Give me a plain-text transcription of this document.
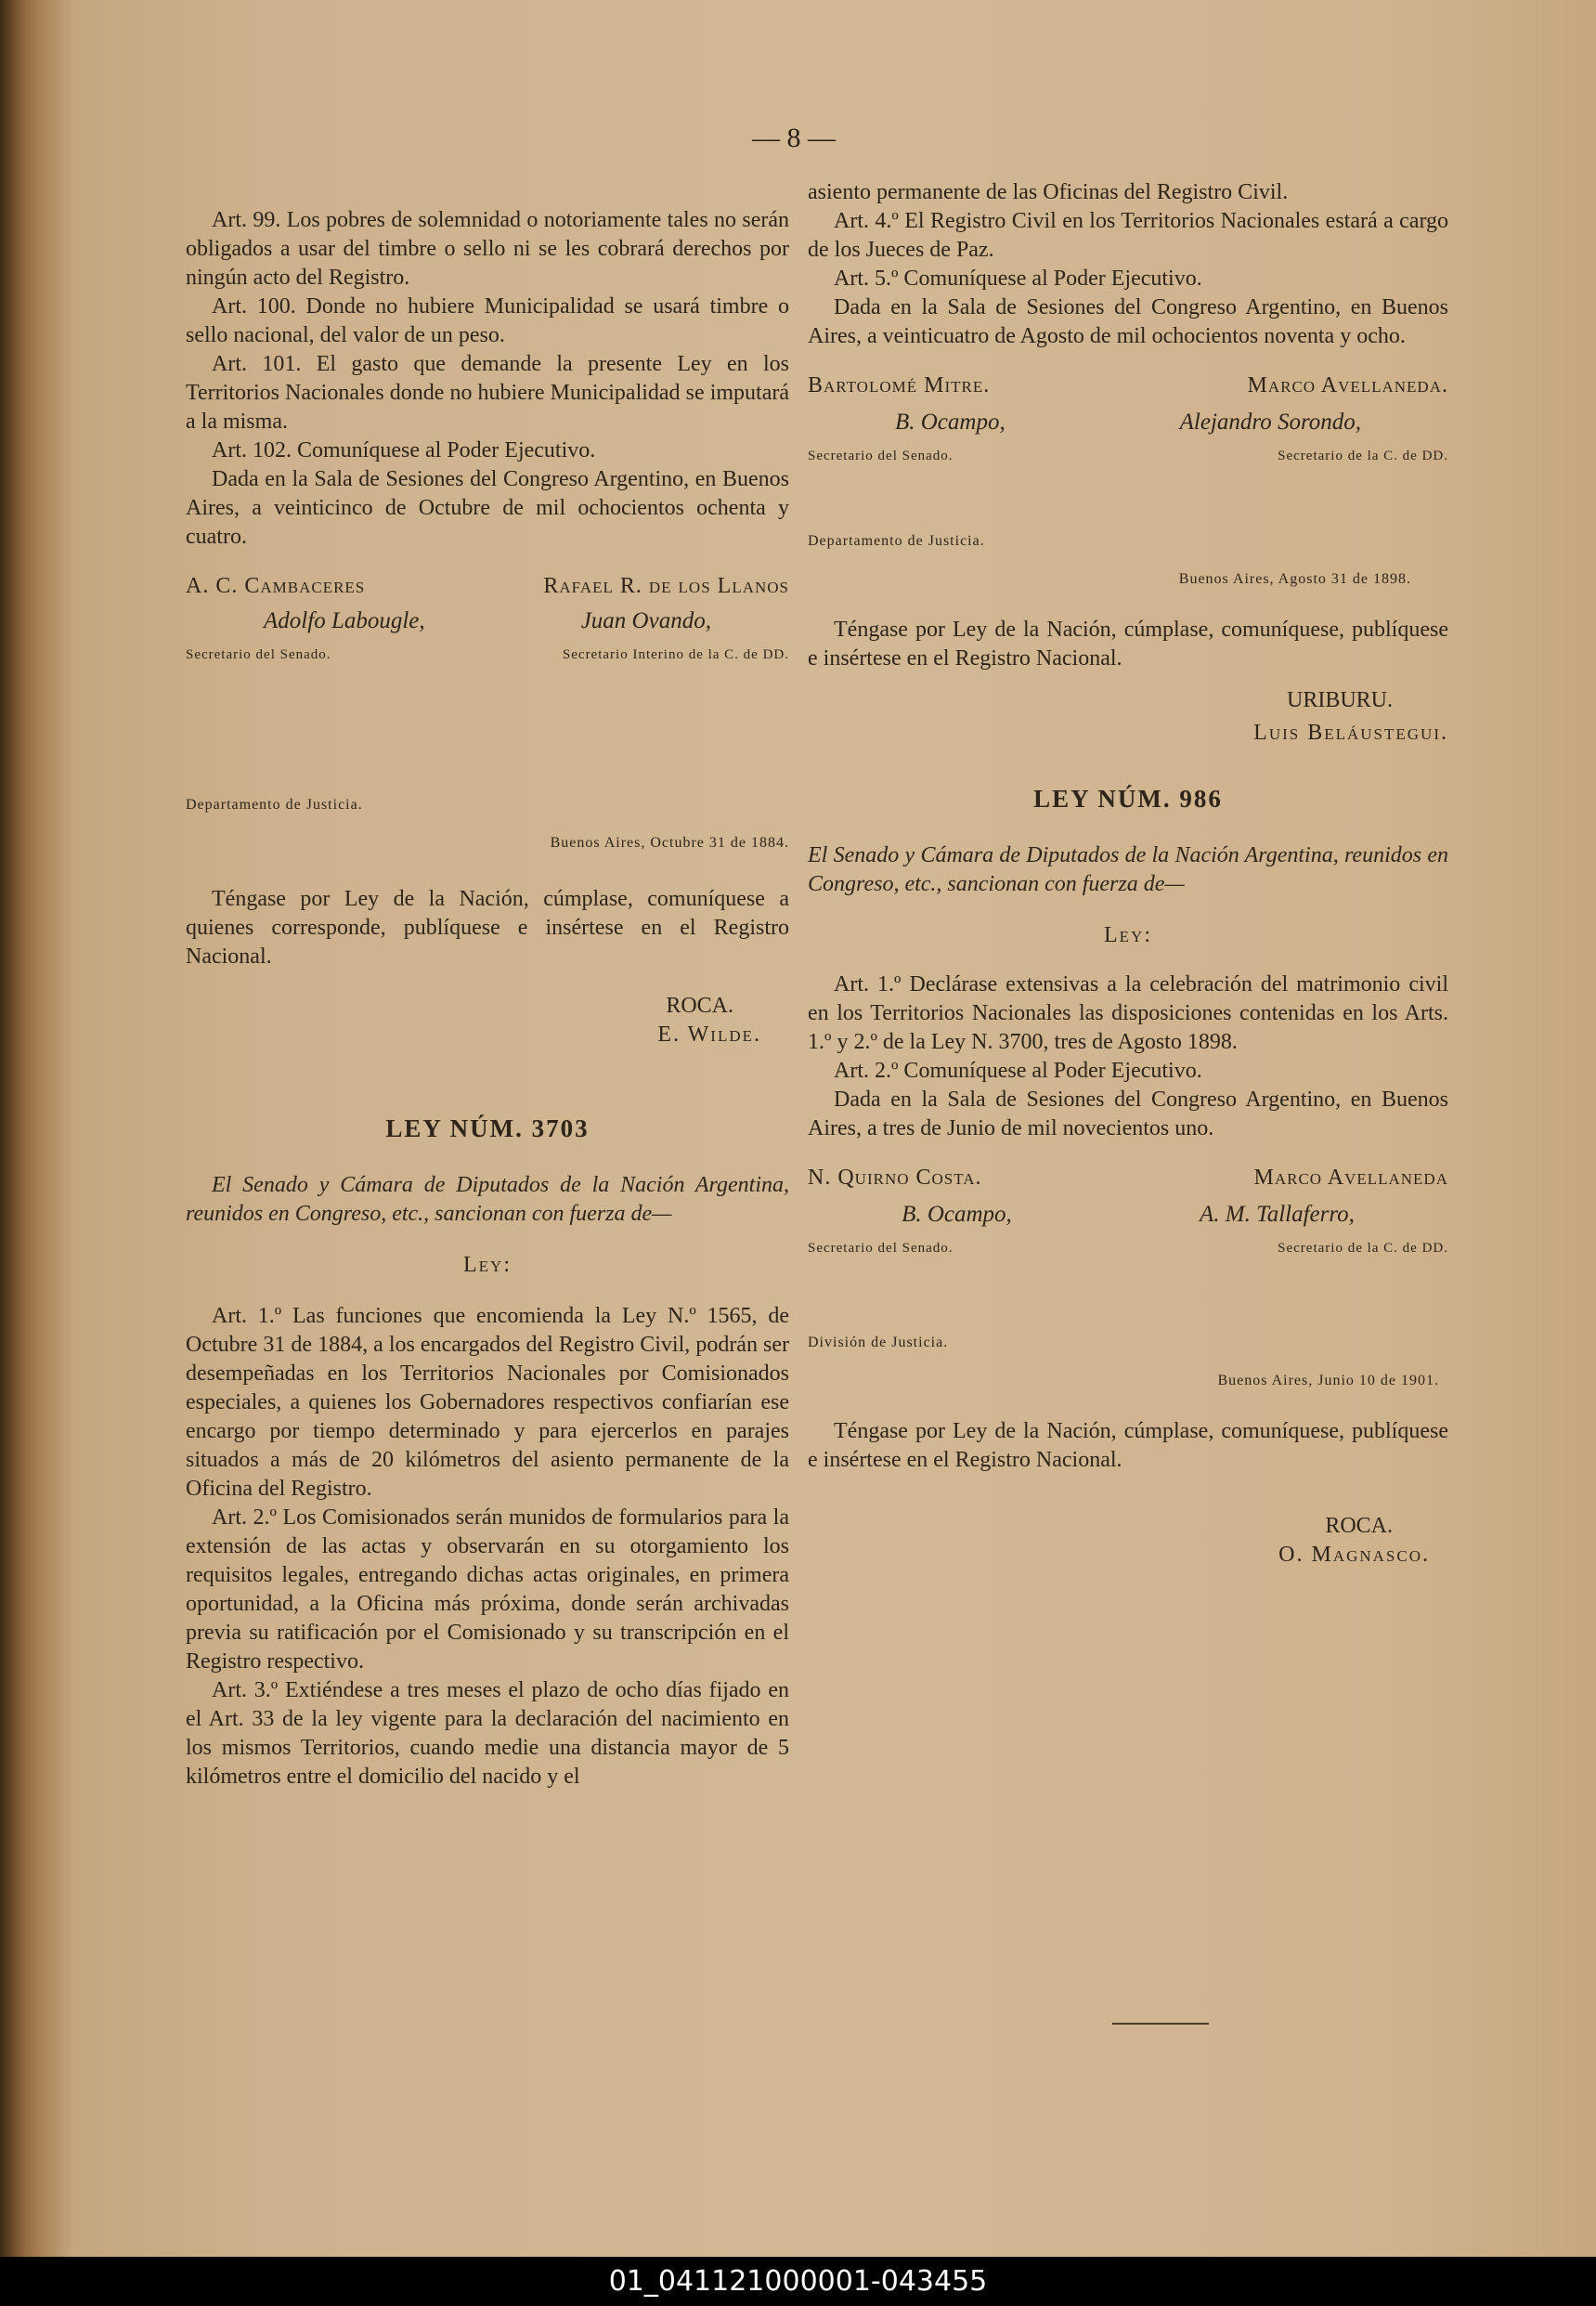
— 8 —

Art. 99. Los pobres de solemnidad o notoriamente tales no serán obligados a usar del timbre o sello ni se les cobrará derechos por ningún acto del Registro.

Art. 100. Donde no hubiere Municipalidad se usará timbre o sello nacional, del valor de un peso.

Art. 101. El gasto que demande la presente Ley en los Territorios Nacionales donde no hubiere Municipalidad se imputará a la misma.

Art. 102. Comuníquese al Poder Ejecutivo.

Dada en la Sala de Sesiones del Congreso Argentino, en Buenos Aires, a veinticinco de Octubre de mil ochocientos ochenta y cuatro.

A. C. Cambaceres	Rafael R. de los Llanos
Adolfo Labougle,	Juan Ovando,
Secretario del Senado.	Secretario Interino de la C. de DD.

Departamento de Justicia.

Buenos Aires, Octubre 31 de 1884.

Téngase por Ley de la Nación, cúmplase, comuníquese a quienes corresponde, publíquese e insértese en el Registro Nacional.

ROCA.

E. Wilde.

LEY NÚM. 3703

El Senado y Cámara de Diputados de la Nación Argentina, reunidos en Congreso, etc., sancionan con fuerza de—

Ley:

Art. 1.º Las funciones que encomienda la Ley N.º 1565, de Octubre 31 de 1884, a los encargados del Registro Civil, podrán ser desempeñadas en los Territorios Nacionales por Comisionados especiales, a quienes los Gobernadores respectivos confiarían ese encargo por tiempo determinado y para ejercerlos en parajes situados a más de 20 kilómetros del asiento permanente de la Oficina del Registro.

Art. 2.º Los Comisionados serán munidos de formularios para la extensión de las actas y observarán en su otorgamiento los requisitos legales, entregando dichas actas originales, en primera oportunidad, a la Oficina más próxima, donde serán archivadas previa su ratificación por el Comisionado y su transcripción en el Registro respectivo.

Art. 3.º Extiéndese a tres meses el plazo de ocho días fijado en el Art. 33 de la ley vigente para la declaración del nacimiento en los mismos Territorios, cuando medie una distancia mayor de 5 kilómetros entre el domicilio del nacido y el

asiento permanente de las Oficinas del Registro Civil.

Art. 4.º El Registro Civil en los Territorios Nacionales estará a cargo de los Jueces de Paz.

Art. 5.º Comuníquese al Poder Ejecutivo.

Dada en la Sala de Sesiones del Congreso Argentino, en Buenos Aires, a veinticuatro de Agosto de mil ochocientos noventa y ocho.

Bartolomé Mitre.	Marco Avellaneda.
B. Ocampo,	Alejandro Sorondo,
Secretario del Senado.	Secretario de la C. de DD.

Departamento de Justicia.

Buenos Aires, Agosto 31 de 1898.

Téngase por Ley de la Nación, cúmplase, comuníquese, publíquese e insértese en el Registro Nacional.

URIBURU.

Luis Beláustegui.

LEY NÚM. 986

El Senado y Cámara de Diputados de la Nación Argentina, reunidos en Congreso, etc., sancionan con fuerza de—

Ley:

Art. 1.º Declárase extensivas a la celebración del matrimonio civil en los Territorios Nacionales las disposiciones contenidas en los Arts. 1.º y 2.º de la Ley N. 3700, tres de Agosto 1898.

Art. 2.º Comuníquese al Poder Ejecutivo.

Dada en la Sala de Sesiones del Congreso Argentino, en Buenos Aires, a tres de Junio de mil novecientos uno.

N. Quirno Costa.	Marco Avellaneda
B. Ocampo,	A. M. Tallaferro,
Secretario del Senado.	Secretario de la C. de DD.

División de Justicia.

Buenos Aires, Junio 10 de 1901.

Téngase por Ley de la Nación, cúmplase, comuníquese, publíquese e insértese en el Registro Nacional.

ROCA.

O. Magnasco.

01_041121000001-043455
